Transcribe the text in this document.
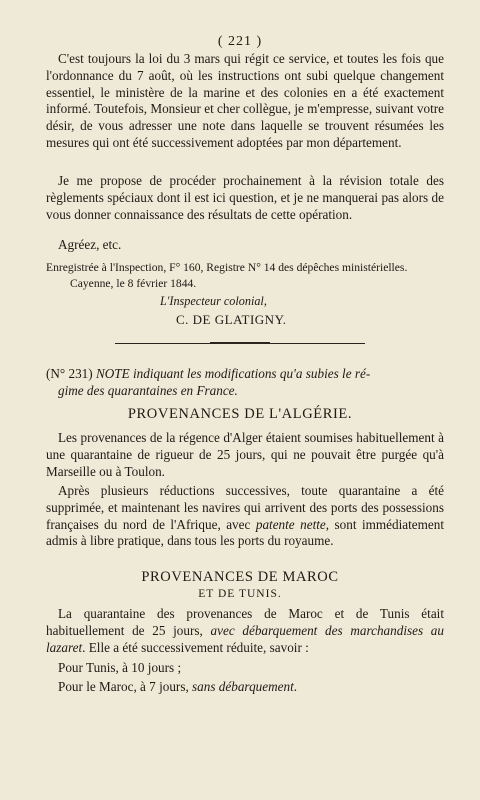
( 221 )

C'est toujours la loi du 3 mars qui régit ce service, et toutes les fois que l'ordonnance du 7 août, où les instructions ont subi quelque changement essentiel, le ministère de la marine et des colonies en a été exactement informé. Toutefois, Monsieur et cher collègue, je m'empresse, suivant votre désir, de vous adresser une note dans laquelle se trouvent résumées les mesures qui ont été successivement adoptées par mon département.

Je me propose de procéder prochainement à la révision totale des règlements spéciaux dont il est ici question, et je ne manquerai pas alors de vous donner connaissance des résultats de cette opération.

Agréez, etc.
Enregistrée à l'Inspection, F° 160, Registre N° 14 des dépêches ministérielles.
Cayenne, le 8 février 1844.
L'Inspecteur colonial,
C. DE GLATIGNY.
(N° 231) NOTE indiquant les modifications qu'a subies le ré-
gime des quarantaines en France.
PROVENANCES DE L'ALGÉRIE.

Les provenances de la régence d'Alger étaient soumises habituellement à une quarantaine de rigueur de 25 jours, qui ne pouvait être purgée qu'à Marseille ou à Toulon.

Après plusieurs réductions successives, toute quarantaine a été supprimée, et maintenant les navires qui arrivent des ports des possessions françaises du nord de l'Afrique, avec patente nette, sont immédiatement admis à libre pratique, dans tous les ports du royaume.

PROVENANCES DE MAROC
ET DE TUNIS.

La quarantaine des provenances de Maroc et de Tunis était habituellement de 25 jours, avec débarquement des marchandises au lazaret. Elle a été successivement réduite, savoir :

Pour Tunis, à 10 jours ;
Pour le Maroc, à 7 jours, sans débarquement.
